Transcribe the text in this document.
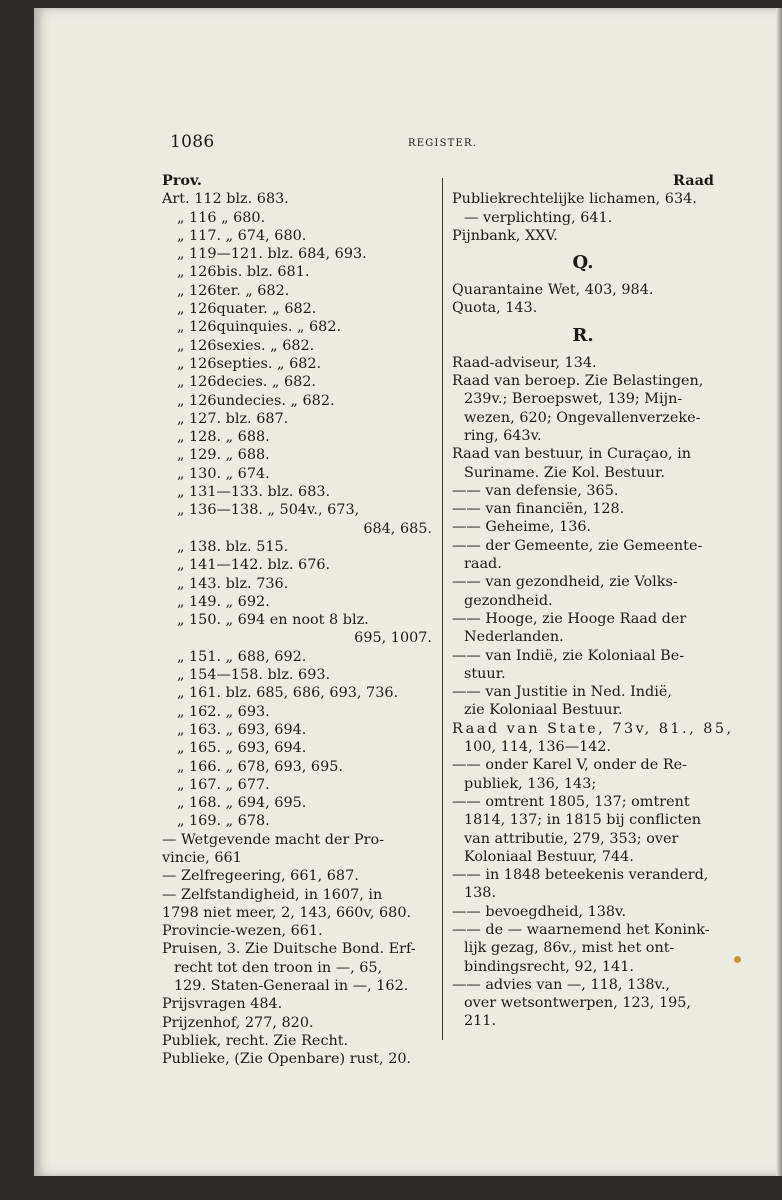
1086	REGISTER.
Prov.
Art. 112 blz. 683.
„ 116 „ 680.
„ 117. „ 674, 680.
„ 119—121. blz. 684, 693.
„ 126bis. blz. 681.
„ 126ter. „ 682.
„ 126quater. „ 682.
„ 126quinquies. „ 682.
„ 126sexies. „ 682.
„ 126septies. „ 682.
„ 126decies. „ 682.
„ 126undecies. „ 682.
„ 127. blz. 687.
„ 128. „ 688.
„ 129. „ 688.
„ 130. „ 674.
„ 131—133. blz. 683.
„ 136—138. „ 504v., 673,
684, 685.
„ 138. blz. 515.
„ 141—142. blz. 676.
„ 143. blz. 736.
„ 149. „ 692.
„ 150. „ 694 en noot 8 blz.
695, 1007.
„ 151. „ 688, 692.
„ 154—158. blz. 693.
„ 161. blz. 685, 686, 693, 736.
„ 162. „ 693.
„ 163. „ 693, 694.
„ 165. „ 693, 694.
„ 166. „ 678, 693, 695.
„ 167. „ 677.
„ 168. „ 694, 695.
„ 169. „ 678.
— Wetgevende macht der Pro-
vincie, 661
— Zelfregeering, 661, 687.
— Zelfstandigheid, in 1607, in
1798 niet meer, 2, 143, 660v, 680.
Provincie-wezen, 661.
Pruisen, 3. Zie Duitsche Bond. Erf-
recht tot den troon in —, 65,
129. Staten-Generaal in —, 162.
Prijsvragen 484.
Prijzenhof, 277, 820.
Publiek, recht. Zie Recht.
Publieke, (Zie Openbare) rust, 20.
Raad
Publiekrechtelijke lichamen, 634.
— verplichting, 641.
Pijnbank, XXV.
Q.
Quarantaine Wet, 403, 984.
Quota, 143.
R.
Raad-adviseur, 134.
Raad van beroep. Zie Belastingen,
239v.; Beroepswet, 139; Mijn-
wezen, 620; Ongevallenverzeke-
ring, 643v.
Raad van bestuur, in Curaçao, in
Suriname. Zie Kol. Bestuur.
—— van defensie, 365.
—— van financiën, 128.
—— Geheime, 136.
—— der Gemeente, zie Gemeente-
raad.
—— van gezondheid, zie Volks-
gezondheid.
—— Hooge, zie Hooge Raad der
Nederlanden.
—— van Indië, zie Koloniaal Be-
stuur.
—— van Justitie in Ned. Indië,
zie Koloniaal Bestuur.
Raad van State, 73v, 81., 85,
100, 114, 136—142.
—— onder Karel V, onder de Re-
publiek, 136, 143;
—— omtrent 1805, 137; omtrent
1814, 137; in 1815 bij conflicten
van attributie, 279, 353; over
Koloniaal Bestuur, 744.
—— in 1848 beteekenis veranderd,
138.
—— bevoegdheid, 138v.
—— de — waarnemend het Konink-
lijk gezag, 86v., mist het ont-
bindingsrecht, 92, 141.
—— advies van —, 118, 138v.,
over wetsontwerpen, 123, 195,
211.
